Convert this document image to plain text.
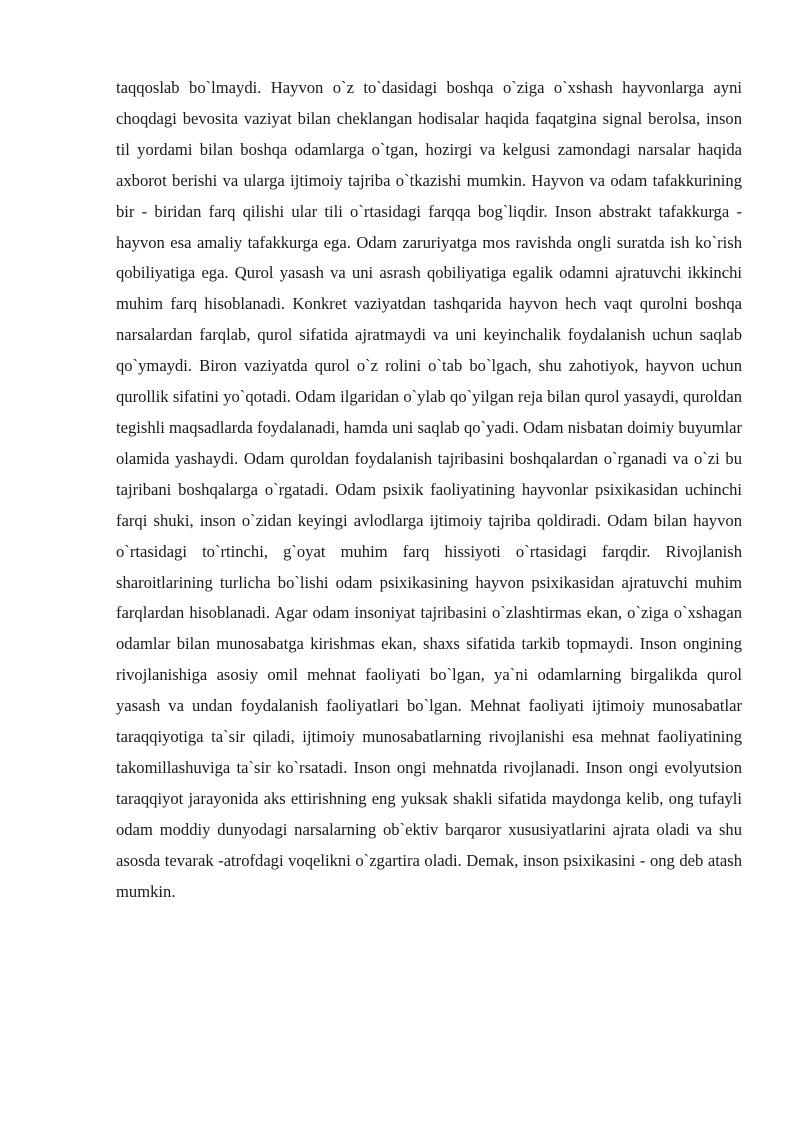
taqqoslab bo`lmaydi. Hayvon o`z to`dasidagi boshqa o`ziga o`xshash hayvonlarga ayni choqdagi bevosita vaziyat bilan cheklangan hodisalar haqida faqatgina signal berolsa, inson til yordami bilan boshqa odamlarga o`tgan, hozirgi va kelgusi zamondagi narsalar haqida axborot berishi va ularga ijtimoiy tajriba o`tkazishi mumkin. Hayvon va odam tafakkurining bir - biridan farq qilishi ular tili o`rtasidagi farqqa bog`liqdir. Inson abstrakt tafakkurga - hayvon esa amaliy tafakkurga ega. Odam zaruriyatga mos ravishda ongli suratda ish ko`rish qobiliyatiga ega. Qurol yasash va uni asrash qobiliyatiga egalik odamni ajratuvchi ikkinchi muhim farq hisoblanadi. Konkret vaziyatdan tashqarida hayvon hech vaqt qurolni boshqa narsalardan farqlab, qurol sifatida ajratmaydi va uni keyinchalik foydalanish uchun saqlab qo`ymaydi. Biron vaziyatda qurol o`z rolini o`tab bo`lgach, shu zahotiyok, hayvon uchun qurollik sifatini yo`qotadi. Odam ilgaridan o`ylab qo`yilgan reja bilan qurol yasaydi, quroldan tegishli maqsadlarda foydalanadi, hamda uni saqlab qo`yadi. Odam nisbatan doimiy buyumlar olamida yashaydi. Odam quroldan foydalanish tajribasini boshqalardan o`rganadi va o`zi bu tajribani boshqalarga o`rgatadi. Odam psixik faoliyatining hayvonlar psixikasidan uchinchi farqi shuki, inson o`zidan keyingi avlodlarga ijtimoiy tajriba qoldiradi. Odam bilan hayvon o`rtasidagi to`rtinchi, g`oyat muhim farq hissiyoti o`rtasidagi farqdir. Rivojlanish sharoitlarining turlicha bo`lishi odam psixikasining hayvon psixikasidan ajratuvchi muhim farqlardan hisoblanadi. Agar odam insoniyat tajribasini o`zlashtirmas ekan, o`ziga o`xshagan odamlar bilan munosabatga kirishmas ekan, shaxs sifatida tarkib topmaydi. Inson ongining rivojlanishiga asosiy omil mehnat faoliyati bo`lgan, ya`ni odamlarning birgalikda qurol yasash va undan foydalanish faoliyatlari bo`lgan. Mehnat faoliyati ijtimoiy munosabatlar taraqqiyotiga ta`sir qiladi, ijtimoiy munosabatlarning rivojlanishi esa mehnat faoliyatining takomillashuviga ta`sir ko`rsatadi. Inson ongi mehnatda rivojlanadi. Inson ongi evolyutsion taraqqiyot jarayonida aks ettirishning eng yuksak shakli sifatida maydonga kelib, ong tufayli odam moddiy dunyodagi narsalarning ob`ektiv barqaror xususiyatlarini ajrata oladi va shu asosda tevarak -atrofdagi voqelikni o`zgartira oladi. Demak, inson psixikasini - ong deb atash mumkin.
